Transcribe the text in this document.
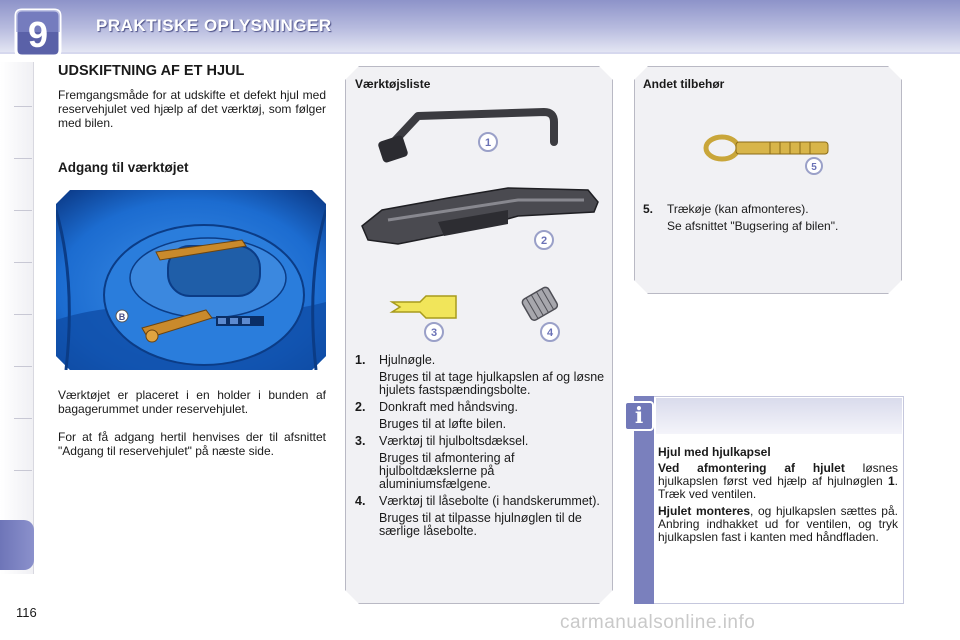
9	PRAKTISKE OPLYSNINGER
UDSKIFTNING AF ET HJUL
Fremgangsmåde for at udskifte et defekt hjul med reservehjulet ved hjælp af det værktøj, som følger med bilen.
Adgang til værktøjet
B
Værktøjet er placeret i en holder i bunden af bagagerummet under reservehjulet.
For at få adgang hertil henvises der til afsnittet "Adgang til reservehjulet" på næste side.
Værktøjsliste
1
2
3	4
1.	Hjulnøgle.
Bruges til at tage hjulkapslen af og løsne hjulets fastspændingsbolte.
2.	Donkraft med håndsving.
Bruges til at løfte bilen.
3.	Værktøj til hjulboltsdæksel.
Bruges til afmontering af hjulboltdækslerne på aluminiumsfælgene.
4.	Værktøj til låsebolte (i handskerummet).
Bruges til at tilpasse hjulnøglen til de særlige låsebolte.
Andet tilbehør
5
5. Trækøje (kan afmonteres).
Se afsnittet "Bugsering af bilen".
i
Hjul med hjulkapsel
Ved afmontering af hjulet løsnes hjulkapslen først ved hjælp af hjulnøglen 1. Træk ved ventilen.
Hjulet monteres, og hjulkapslen sættes på. Anbring indhakket ud for ventilen, og tryk hjulkapslen fast i kanten med håndfladen.
116	carmanualsonline.info
